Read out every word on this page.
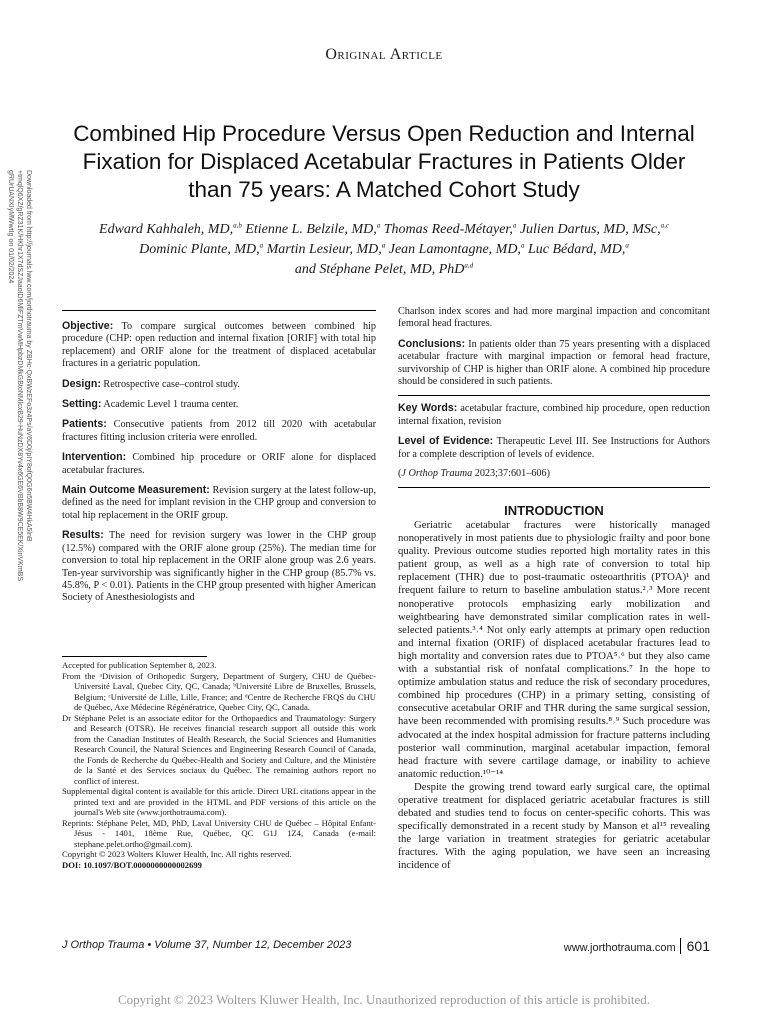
Original Article
Combined Hip Procedure Versus Open Reduction and Internal Fixation for Displaced Acetabular Fractures in Patients Older than 75 years: A Matched Cohort Study
Edward Kahhaleh, MD,$^{a,b}$ Etienne L. Belzile, MD,$^a$ Thomas Reed-Métayer,$^a$ Julien Dartus, MD, MSc,$^{a,c}$
Dominic Plante, MD,$^a$ Martin Lesieur, MD,$^a$ Jean Lamontagne, MD,$^a$ Luc Bédard, MD,$^a$
and Stéphane Pelet, MD, PhD$^{a,d}$
Downloaded from http://journals.lww.com/jorthotrauma by ZBHc-QxBWzEFo3z4Ps/aV6D0j/pIY8ofQ0G6n5BW4HkA5lnB
+tmqlQ6XZ/gRZ31K/HKhr1X7dSZJaaoID6MlFZTmVwMHpbzDMkGBtoNMlcxB29-HuNzDX8Yv4x6GE6VBbB8W9CE5EK/XinVKmBS
gRUrUANXIyMWwtIg on 01/02/2024

Objective: To compare surgical outcomes between combined hip procedure (CHP: open reduction and internal fixation [ORIF] with total hip replacement) and ORIF alone for the treatment of displaced acetabular fractures in a geriatric population.

Design: Retrospective case–control study.

Setting: Academic Level 1 trauma center.

Patients: Consecutive patients from 2012 till 2020 with acetabular fractures fitting inclusion criteria were enrolled.

Intervention: Combined hip procedure or ORIF alone for displaced acetabular fractures.

Main Outcome Measurement: Revision surgery at the latest follow-up, defined as the need for implant revision in the CHP group and conversion to total hip replacement in the ORIF group.

Results: The need for revision surgery was lower in the CHP group (12.5%) compared with the ORIF alone group (25%). The median time for conversion to total hip replacement in the ORIF alone group was 2.6 years. Ten-year survivorship was significantly higher in the CHP group (85.7% vs. 45.8%, P < 0.01). Patients in the CHP group presented with higher American Society of Anesthesiologists and

Charlson index scores and had more marginal impaction and concomitant femoral head fractures.

Conclusions: In patients older than 75 years presenting with a displaced acetabular fracture with marginal impaction or femoral head fracture, survivorship of CHP is higher than ORIF alone. A combined hip procedure should be considered in such patients.

Key Words: acetabular fracture, combined hip procedure, open reduction internal fixation, revision

Level of Evidence: Therapeutic Level III. See Instructions for Authors for a complete description of levels of evidence.

(J Orthop Trauma 2023;37:601–606)

INTRODUCTION

Geriatric acetabular fractures were historically managed nonoperatively in most patients due to physiologic frailty and poor bone quality. Previous outcome studies reported high mortality rates in this patient group, as well as a high rate of conversion to total hip replacement (THR) due to post-traumatic osteoarthritis (PTOA)¹ and frequent failure to return to baseline ambulation status.²˒³ More recent nonoperative protocols emphasizing early mobilization and weightbearing have demonstrated similar complication rates in well-selected patients.³˒⁴ Not only early attempts at primary open reduction and internal fixation (ORIF) of displaced acetabular fractures lead to high mortality and conversion rates due to PTOA⁵˒⁶ but they also came with a substantial risk of nonfatal complications.⁷ In the hope to optimize ambulation status and reduce the risk of secondary procedures, combined hip procedures (CHP) in a primary setting, consisting of consecutive acetabular ORIF and THR during the same surgical session, have been recommended with promising results.⁸˒⁹ Such procedure was advocated at the index hospital admission for fracture patterns including posterior wall comminution, marginal acetabular impaction, femoral head fracture with severe cartilage damage, or inability to achieve anatomic reduction.¹⁰⁻¹⁴

Despite the growing trend toward early surgical care, the optimal operative treatment for displaced geriatric acetabular fractures is still debated and studies tend to focus on center-specific cohorts. This was specifically demonstrated in a recent study by Manson et al¹⁵ revealing the large variation in treatment strategies for geriatric acetabular fractures. With the aging population, we have seen an increasing incidence of

Accepted for publication September 8, 2023.

From the ᵃDivision of Orthopedic Surgery, Department of Surgery, CHU de Québec-Université Laval, Quebec City, QC, Canada; ᵇUniversité Libre de Bruxelles, Brussels, Belgium; ᶜUniversité de Lille, Lille, France; and ᵈCentre de Recherche FRQS du CHU de Québec, Axe Médecine Régénératrice, Quebec City, QC, Canada.

Dr Stéphane Pelet is an associate editor for the Orthopaedics and Traumatology: Surgery and Research (OTSR). He receives financial research support all outside this work from the Canadian Institutes of Health Research, the Social Sciences and Humanities Research Council, the Natural Sciences and Engineering Research Council of Canada, the Fonds de Recherche du Québec-Health and Society and Culture, and the Ministère de la Santé et des Services sociaux du Québec. The remaining authors report no conflict of interest.

Supplemental digital content is available for this article. Direct URL citations appear in the printed text and are provided in the HTML and PDF versions of this article on the journal's Web site (www.jorthotrauma.com).

Reprints: Stéphane Pelet, MD, PhD, Laval University CHU de Québec – Hôpital Enfant-Jésus - 1401, 18ème Rue, Québec, QC G1J 1Z4, Canada (e-mail: stephane.pelet.ortho@gmail.com).

Copyright © 2023 Wolters Kluwer Health, Inc. All rights reserved.

DOI: 10.1097/BOT.0000000000002699

J Orthop Trauma • Volume 37, Number 12, December 2023	www.jorthotrauma.com 601
Copyright © 2023 Wolters Kluwer Health, Inc. Unauthorized reproduction of this article is prohibited.
